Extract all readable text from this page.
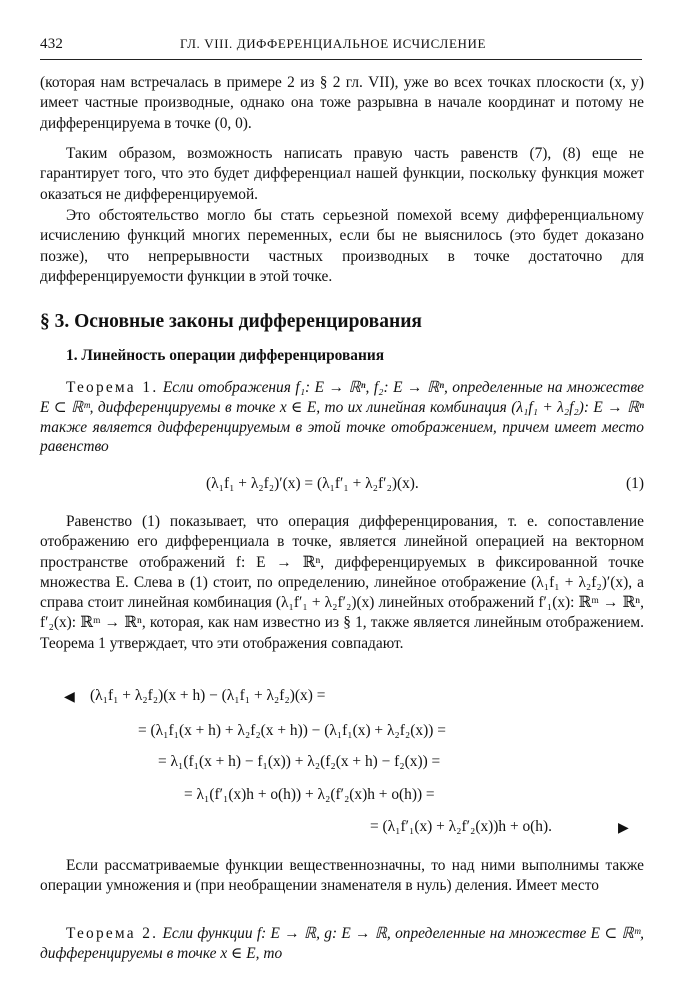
432	ГЛ. VIII. ДИФФЕРЕНЦИАЛЬНОЕ ИСЧИСЛЕНИЕ

(которая нам встречалась в примере 2 из § 2 гл. VII), уже во всех точках плоскости (x, y) имеет частные производные, однако она тоже разрывна в начале координат и потому не дифференцируема в точке (0, 0).

Таким образом, возможность написать правую часть равенств (7), (8) еще не гарантирует того, что это будет дифференциал нашей функции, поскольку функция может оказаться не дифференцируемой.

Это обстоятельство могло бы стать серьезной помехой всему дифференциальному исчислению функций многих переменных, если бы не выяснилось (это будет доказано позже), что непрерывности частных производных в точке достаточно для дифференцируемости функции в этой точке.

§ 3. Основные законы дифференцирования
1. Линейность операции дифференцирования

Теорема 1. Если отображения f₁: E → ℝⁿ, f₂: E → ℝⁿ, определенные на множестве E ⊂ ℝᵐ, дифференцируемы в точке x ∈ E, то их линейная комбинация (λ₁f₁ + λ₂f₂): E → ℝⁿ также является дифференцируемым в этой точке отображением, причем имеет место равенство

(λ₁f₁ + λ₂f₂)′(x) = (λ₁f′₁ + λ₂f′₂)(x).	(1)

Равенство (1) показывает, что операция дифференцирования, т. е. сопоставление отображению его дифференциала в точке, является линейной операцией на векторном пространстве отображений f: E → ℝⁿ, дифференцируемых в фиксированной точке множества E. Слева в (1) стоит, по определению, линейное отображение (λ₁f₁ + λ₂f₂)′(x), а справа стоит линейная комбинация (λ₁f′₁ + λ₂f′₂)(x) линейных отображений f′₁(x): ℝᵐ → ℝⁿ, f′₂(x): ℝᵐ → ℝⁿ, которая, как нам известно из § 1, также является линейным отображением. Теорема 1 утверждает, что эти отображения совпадают.

◀ (λ₁f₁ + λ₂f₂)(x + h) − (λ₁f₁ + λ₂f₂)(x) =
= (λ₁f₁(x + h) + λ₂f₂(x + h)) − (λ₁f₁(x) + λ₂f₂(x)) =
= λ₁(f₁(x + h) − f₁(x)) + λ₂(f₂(x + h) − f₂(x)) =
= λ₁(f′₁(x)h + o(h)) + λ₂(f′₂(x)h + o(h)) =
= (λ₁f′₁(x) + λ₂f′₂(x))h + o(h).	▶

Если рассматриваемые функции вещественнозначны, то над ними выполнимы также операции умножения и (при необращении знаменателя в нуль) деления. Имеет место

Теорема 2. Если функции f: E → ℝ, g: E → ℝ, определенные на множестве E ⊂ ℝᵐ, дифференцируемы в точке x ∈ E, то
